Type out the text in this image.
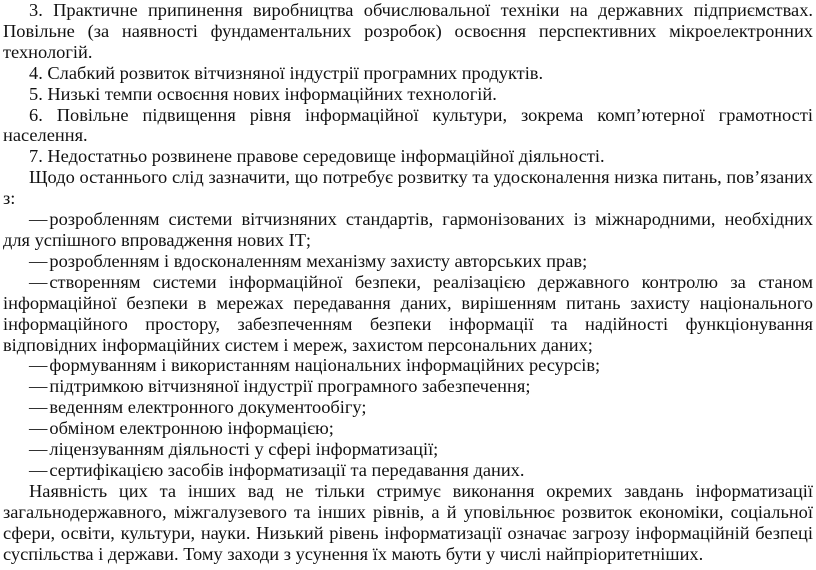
3. Практичне припинення виробництва обчислювальної техніки на державних підприємствах. Повільне (за наявності фундаментальних розробок) освоєння перспективних мікроелектронних технологій.

4. Слабкий розвиток вітчизняної індустрії програмних продуктів.

5. Низькі темпи освоєння нових інформаційних технологій.

6. Повільне підвищення рівня інформаційної культури, зокрема комп’ютерної грамотності населення.

7. Недостатньо розвинене правове середовище інформаційної діяльності.

Щодо останнього слід зазначити, що потребує розвитку та удосконалення низка питань, пов’язаних з:

— розробленням системи вітчизняних стандартів, гармонізованих із міжнародними, необхідних для успішного впровадження нових ІТ;

— розробленням і вдосконаленням механізму захисту авторських прав;

— створенням системи інформаційної безпеки, реалізацією державного контролю за станом інформаційної безпеки в мережах передавання даних, вирішенням питань захисту національного інформаційного простору, забезпеченням безпеки інформації та надійності функціонування відповідних інформаційних систем і мереж, захистом персональних даних;

— формуванням і використанням національних інформаційних ресурсів;

— підтримкою вітчизняної індустрії програмного забезпечення;

— веденням електронного документообігу;

— обміном електронною інформацією;

— ліцензуванням діяльності у сфері інформатизації;

— сертифікацією засобів інформатизації та передавання даних.

Наявність цих та інших вад не тільки стримує виконання окремих завдань інформатизації загальнодержавного, міжгалузевого та інших рівнів, а й уповільнює розвиток економіки, соціальної сфери, освіти, культури, науки. Низький рівень інформатизації означає загрозу інформаційній безпеці суспільства і держави. Тому заходи з усунення їх мають бути у числі найпріоритетніших.
